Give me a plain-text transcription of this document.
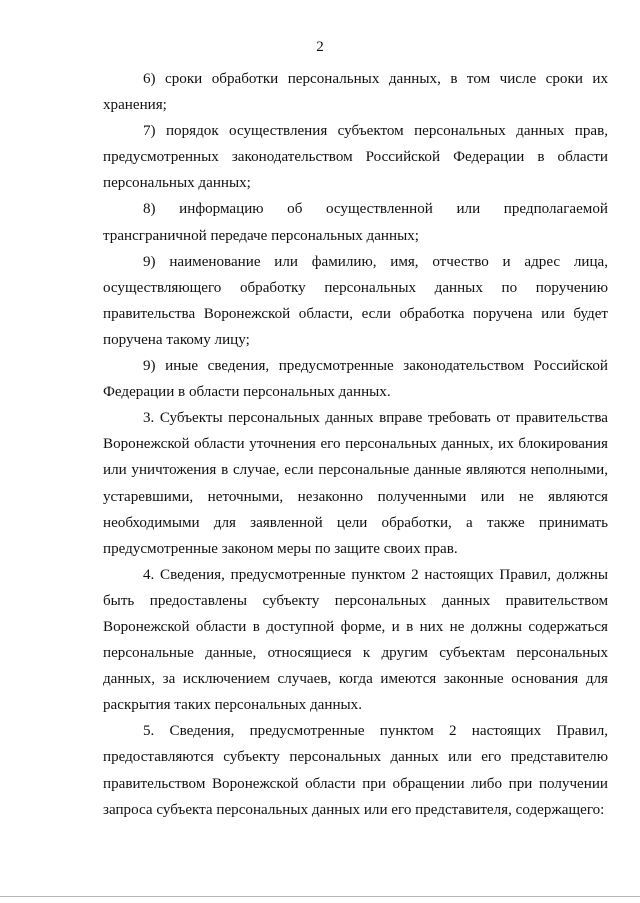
2

6) сроки обработки персональных данных, в том числе сроки их хранения;

7) порядок осуществления субъектом персональных данных прав, предусмотренных законодательством Российской Федерации в области персональных данных;

8) информацию об осуществленной или предполагаемой трансграничной передаче персональных данных;

9) наименование или фамилию, имя, отчество и адрес лица, осуществляющего обработку персональных данных по поручению правительства Воронежской области, если обработка поручена или будет поручена такому лицу;

9) иные сведения, предусмотренные законодательством Российской Федерации в области персональных данных.

3. Субъекты персональных данных вправе требовать от правительства Воронежской области уточнения его персональных данных, их блокирования или уничтожения в случае, если персональные данные являются неполными, устаревшими, неточными, незаконно полученными или не являются необходимыми для заявленной цели обработки, а также принимать предусмотренные законом меры по защите своих прав.

4. Сведения, предусмотренные пунктом 2 настоящих Правил, должны быть предоставлены субъекту персональных данных правительством Воронежской области в доступной форме, и в них не должны содержаться персональные данные, относящиеся к другим субъектам персональных данных, за исключением случаев, когда имеются законные основания для раскрытия таких персональных данных.

5. Сведения, предусмотренные пунктом 2 настоящих Правил, предоставляются субъекту персональных данных или его представителю правительством Воронежской области при обращении либо при получении запроса субъекта персональных данных или его представителя, содержащего:
